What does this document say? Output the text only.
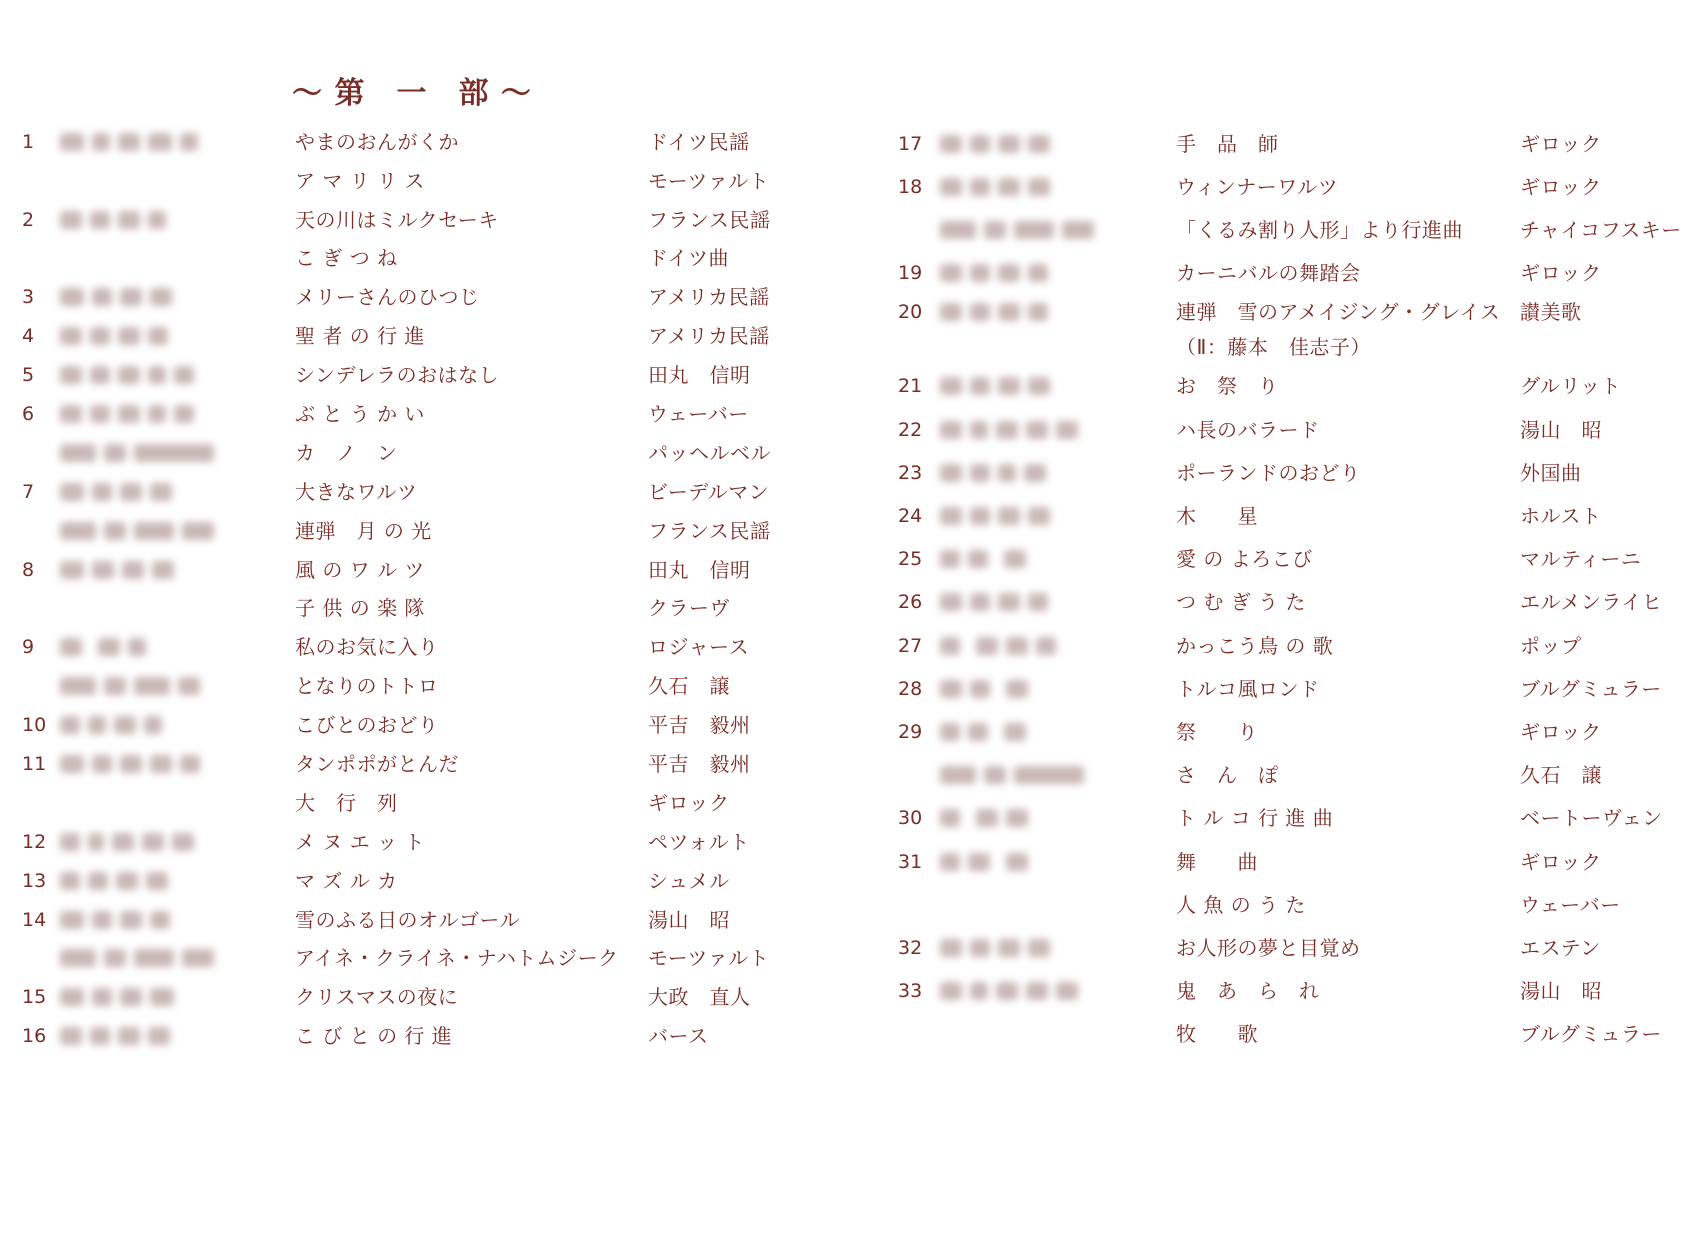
～ 第　一　部 ～
1	やまのおんがくか	ドイツ民謡
ア マ リ リ ス	モーツァルト
2	天の川はミルクセーキ	フランス民謡
こ ぎ つ ね	ドイツ曲
3	メリーさんのひつじ	アメリカ民謡
4	聖 者 の 行 進	アメリカ民謡
5	シンデレラのおはなし	田丸　信明
6	ぶ と う か い	ウェーバー
カ　ノ　ン	パッヘルベル
7	大きなワルツ	ビーデルマン
連弾　月 の 光	フランス民謡
8	風 の ワ ル ツ	田丸　信明
子 供 の 楽 隊	クラーヴ
9	私のお気に入り	ロジャース
となりのトトロ	久石　譲
10	こびとのおどり	平吉　毅州
11	タンポポがとんだ	平吉　毅州
大　行　列	ギロック
12	メ ヌ エ ッ ト	ペツォルト
13	マ ズ ル カ	シュメル
14	雪のふる日のオルゴール	湯山　昭
アイネ・クライネ・ナハトムジーク モーツァルト
15	クリスマスの夜に	大政　直人
16	こ び と の 行 進	バース
17	手　品　師	ギロック
18	ウィンナーワルツ	ギロック
「くるみ割り人形」より行進曲	チャイコフスキー
19	カーニバルの舞踏会	ギロック
20	連弾　雪のアメイジング・グレイス 讃美歌
（Ⅱ：藤本　佳志子）
21	お　祭　り	グルリット
22	ハ長のバラード	湯山　昭
23	ポーランドのおどり	外国曲
24	木　　星	ホルスト
25	愛 の よろこび	マルティーニ
26	つ む ぎ う た	エルメンライヒ
27	かっこう鳥 の 歌	ポップ
28	トルコ風ロンド	ブルグミュラー
29	祭　　り	ギロック
さ　ん　ぽ	久石　譲
30	ト ル コ 行 進 曲	ベートーヴェン
31	舞　　曲	ギロック
人 魚 の う た	ウェーバー
32	お人形の夢と目覚め	エステン
33	鬼　あ　ら　れ	湯山　昭
牧　　歌	ブルグミュラー
